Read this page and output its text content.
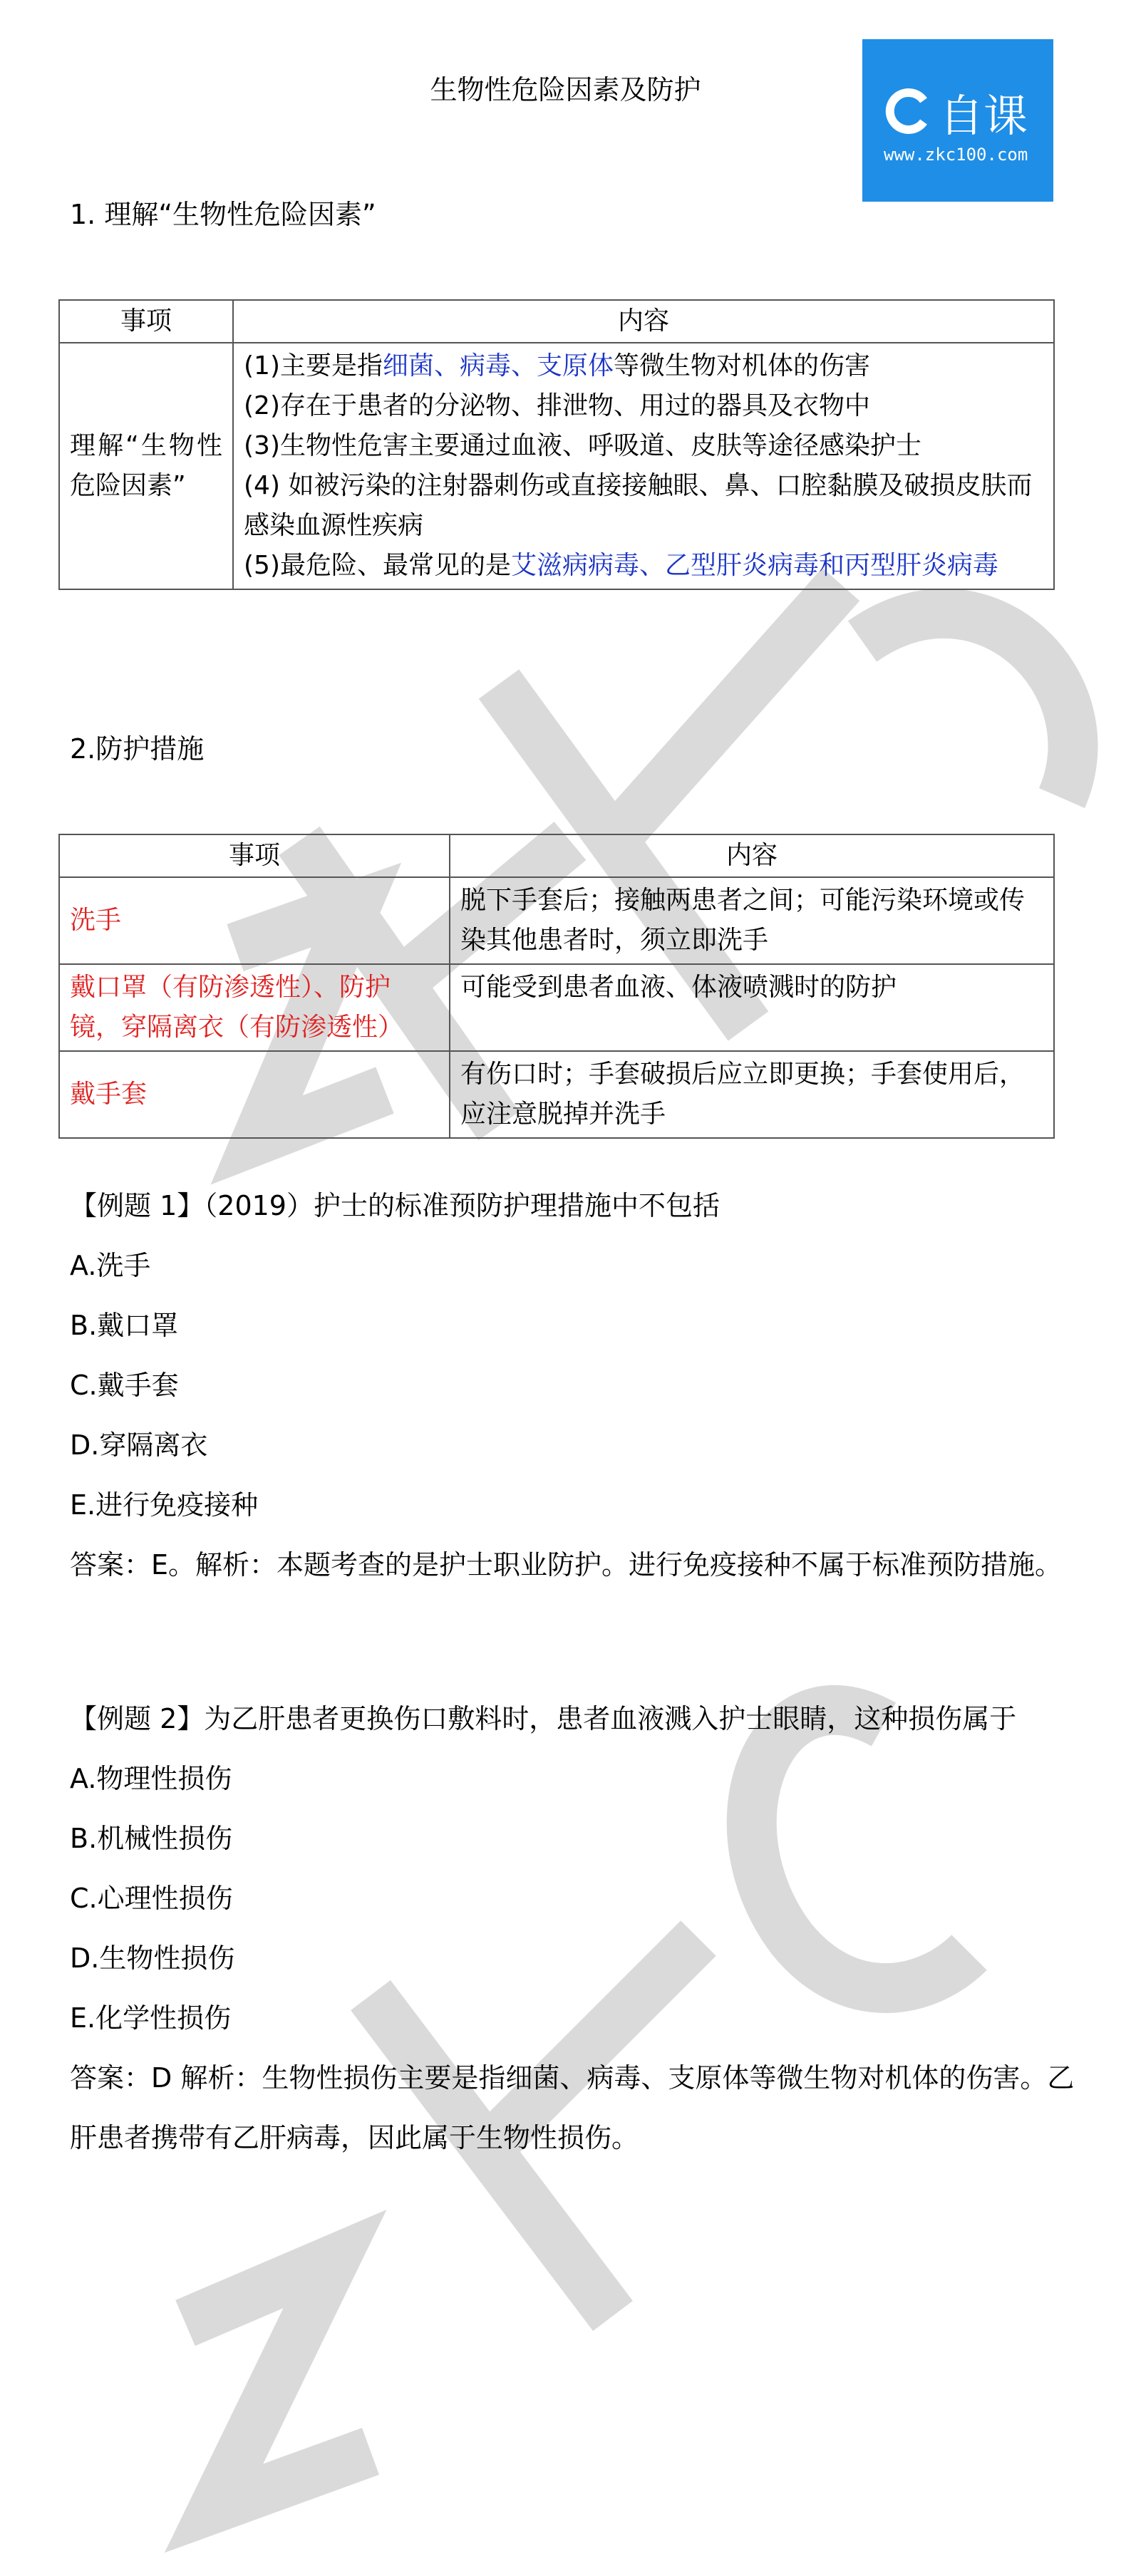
生物性危险因素及防护	自课
www.zkc100.com
1. 理解“生物性危险因素”
事项	内容
理解“生物性危险因素”	(1)主要是指细菌、病毒、支原体等微生物对机体的伤害
(2)存在于患者的分泌物、排泄物、用过的器具及衣物中
(3)生物性危害主要通过血液、呼吸道、皮肤等途径感染护士
(4) 如被污染的注射器刺伤或直接接触眼、鼻、口腔黏膜及破损皮肤而感染血源性疾病
(5)最危险、最常见的是艾滋病病毒、乙型肝炎病毒和丙型肝炎病毒
2.防护措施
事项	内容
洗手	脱下手套后；接触两患者之间；可能污染环境或传染其他患者时，须立即洗手
戴口罩（有防渗透性）、防护镜，穿隔离衣（有防渗透性）	可能受到患者血液、体液喷溅时的防护
戴手套	有伤口时；手套破损后应立即更换；手套使用后，应注意脱掉并洗手
【例题 1】（2019）护士的标准预防护理措施中不包括
A.洗手
B.戴口罩
C.戴手套
D.穿隔离衣
E.进行免疫接种
答案：E。解析：本题考查的是护士职业防护。进行免疫接种不属于标准预防措施。
【例题 2】为乙肝患者更换伤口敷料时，患者血液溅入护士眼睛，这种损伤属于
A.物理性损伤
B.机械性损伤
C.心理性损伤
D.生物性损伤
E.化学性损伤
答案：D 解析：生物性损伤主要是指细菌、病毒、支原体等微生物对机体的伤害。乙肝患者携带有乙肝病毒，因此属于生物性损伤。
